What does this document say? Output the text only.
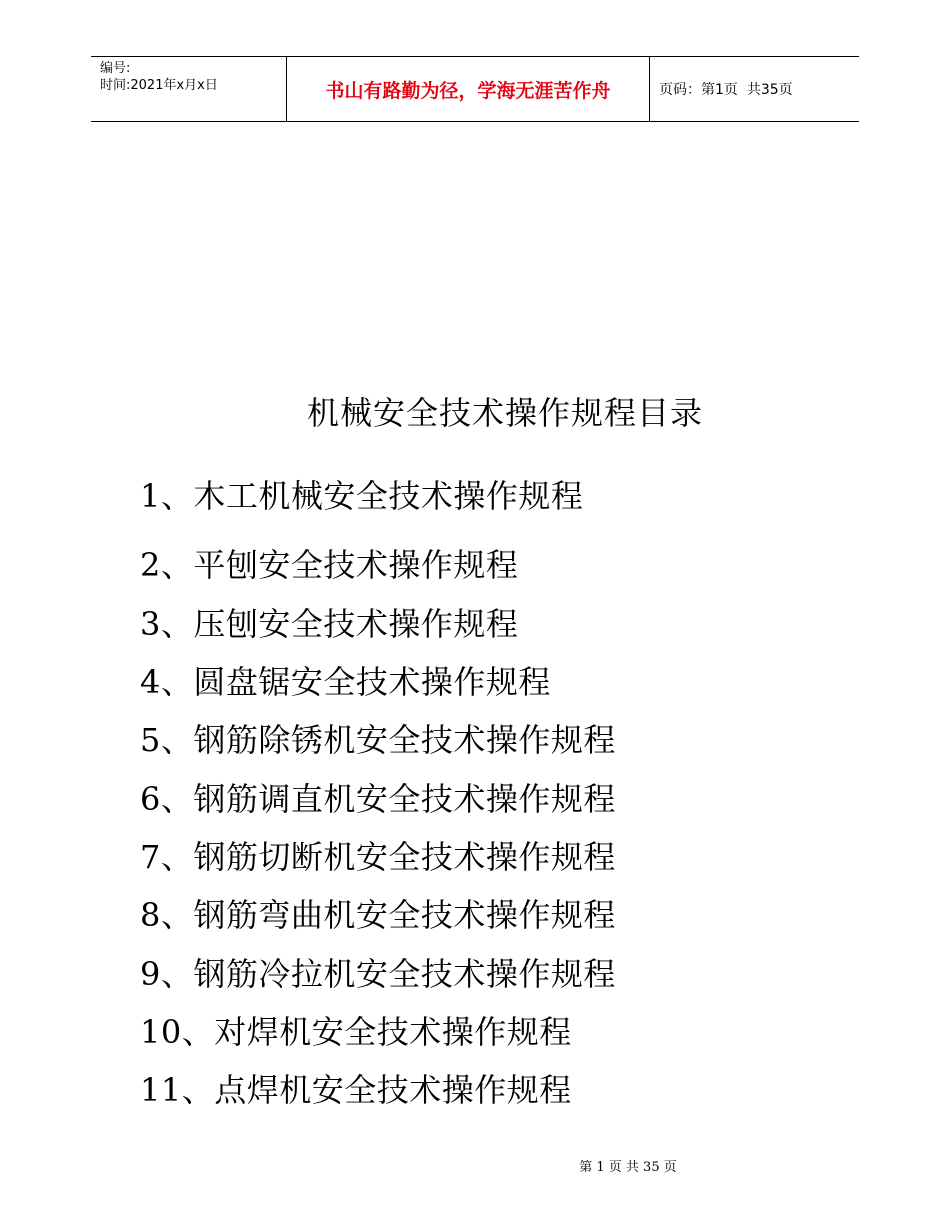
编号:
时间:2021年x月x日	书山有路勤为径，学海无涯苦作舟	页码： 第1页
共35页
机械安全技术操作规程目录
1、木工机械安全技术操作规程
2、平刨安全技术操作规程
3、压刨安全技术操作规程
4、圆盘锯安全技术操作规程
5、钢筋除锈机安全技术操作规程
6、钢筋调直机安全技术操作规程
7、钢筋切断机安全技术操作规程
8、钢筋弯曲机安全技术操作规程
9、钢筋冷拉机安全技术操作规程
10、对焊机安全技术操作规程
11、点焊机安全技术操作规程
第 1 页 共 35 页
